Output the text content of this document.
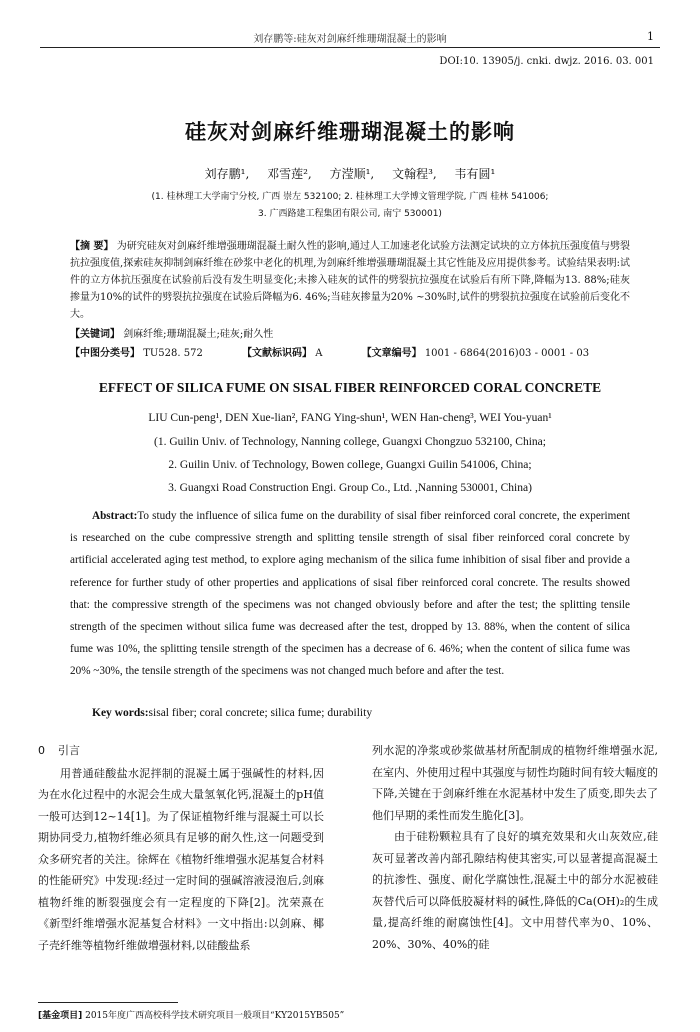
刘存鹏等:硅灰对剑麻纤维珊瑚混凝土的影响	1
DOI:10. 13905/j. cnki. dwjz. 2016. 03. 001
硅灰对剑麻纤维珊瑚混凝土的影响
刘存鹏¹, 邓雪莲², 方滢顺¹, 文翰程³, 韦有圆¹
(1. 桂林理工大学南宁分校, 广西 崇左 532100; 2. 桂林理工大学博文管理学院, 广西 桂林 541006;
3. 广西路建工程集团有限公司, 南宁 530001)
【摘 要】 为研究硅灰对剑麻纤维增强珊瑚混凝土耐久性的影响,通过人工加速老化试验方法测定试块的立方体抗压强度值与劈裂抗拉强度值,探索硅灰抑制剑麻纤维在砂浆中老化的机理,为剑麻纤维增强珊瑚混凝土其它性能及应用提供参考。试验结果表明:试件的立方体抗压强度在试验前后没有发生明显变化;未掺入硅灰的试件的劈裂抗拉强度在试验后有所下降,降幅为13. 88%;硅灰掺量为10%的试件的劈裂抗拉强度在试验后降幅为6. 46%;当硅灰掺量为20% ~30%时,试件的劈裂抗拉强度在试验前后变化不大。
【关键词】 剑麻纤维;珊瑚混凝土;硅灰;耐久性
【中图分类号】 TU528. 572	【文献标识码】 A	【文章编号】 1001 - 6864(2016)03 - 0001 - 03
EFFECT OF SILICA FUME ON SISAL FIBER REINFORCED CORAL CONCRETE
LIU Cun-peng¹, DEN Xue-lian², FANG Ying-shun¹, WEN Han-cheng³, WEI You-yuan¹
(1. Guilin Univ. of Technology, Nanning college, Guangxi Chongzuo 532100, China;
2. Guilin Univ. of Technology, Bowen college, Guangxi Guilin 541006, China;
3. Guangxi Road Construction Engi. Group Co., Ltd. ,Nanning 530001, China)
Abstract:To study the influence of silica fume on the durability of sisal fiber reinforced coral concrete, the experiment is researched on the cube compressive strength and splitting tensile strength of sisal fiber reinforced coral concrete by artificial accelerated aging test method, to explore aging mechanism of the silica fume inhibition of sisal fiber and provide a reference for further study of other properties and applications of sisal fiber reinforced coral concrete. The results showed that: the compressive strength of the specimens was not changed obviously before and after the test; the splitting tensile strength of the specimen without silica fume was decreased after the test, dropped by 13. 88%, when the content of silica fume was 10%, the splitting tensile strength of the specimen has a decrease of 6. 46%; when the content of silica fume was 20% ~30%, the tensile strength of the specimens was not changed much before and after the test.
Key words:sisal fiber; coral concrete; silica fume; durability
0 引言

用普通硅酸盐水泥拌制的混凝土属于强碱性的材料,因为在水化过程中的水泥会生成大量氢氧化钙,混凝土的pH值一般可达到12~14[1]。为了保证植物纤维与混凝土可以长期协同受力,植物纤维必须具有足够的耐久性,这一问题受到众多研究者的关注。徐辉在《植物纤维增强水泥基复合材料的性能研究》中发现:经过一定时间的强碱溶液浸泡后,剑麻植物纤维的断裂强度会有一定程度的下降[2]。沈荣熹在《新型纤维增强水泥基复合材料》一文中指出:以剑麻、椰子壳纤维等植物纤维做增强材料,以硅酸盐系

列水泥的净浆或砂浆做基材所配制成的植物纤维增强水泥,在室内、外使用过程中其强度与韧性均随时间有较大幅度的下降,关键在于剑麻纤维在水泥基材中发生了质变,即失去了他们早期的柔性而发生脆化[3]。

由于硅粉颗粒具有了良好的填充效果和火山灰效应,硅灰可显著改善内部孔隙结构使其密实,可以显著提高混凝土的抗渗性、强度、耐化学腐蚀性,混凝土中的部分水泥被硅灰替代后可以降低胶凝材料的碱性,降低的Ca(OH)₂的生成量,提高纤维的耐腐蚀性[4]。文中用替代率为0、10%、20%、30%、40%的硅

[基金项目] 2015年度广西高校科学技术研究项目一般项目“KY2015YB505”
